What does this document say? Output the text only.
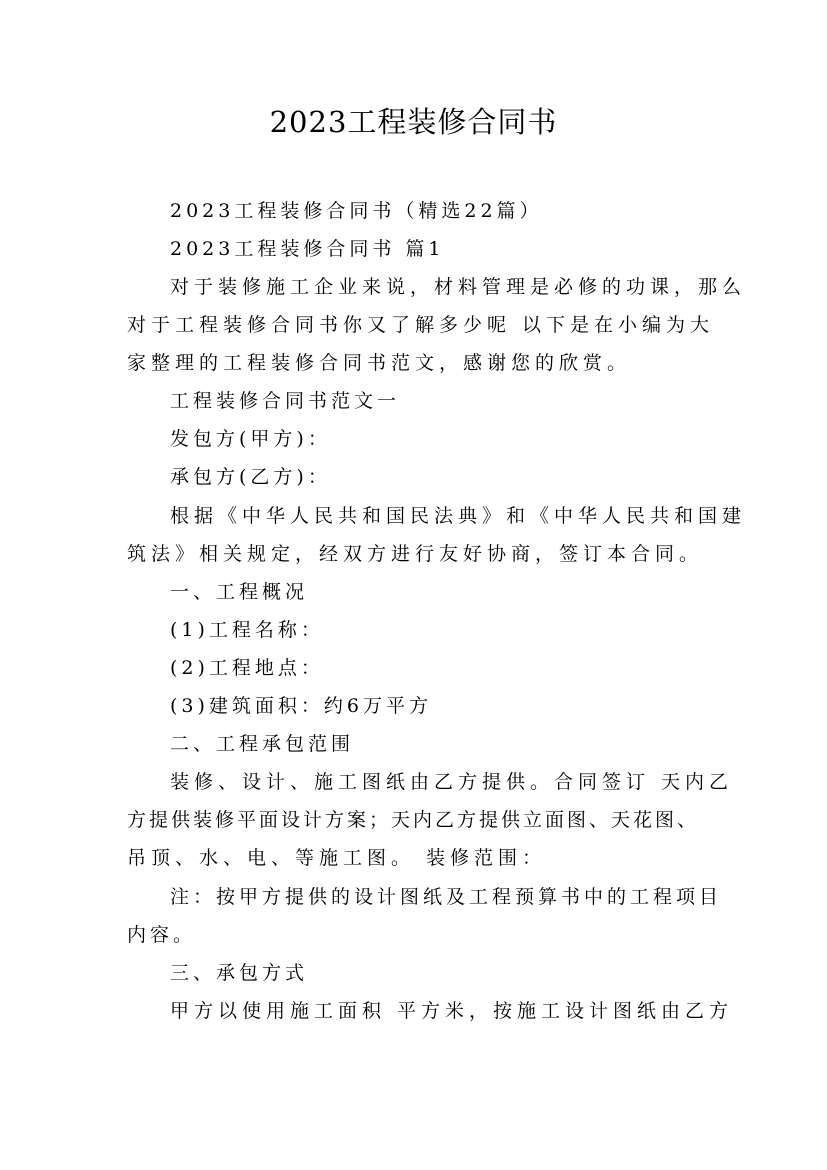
2023工程装修合同书

2023工程装修合同书（精选22篇）

2023工程装修合同书 篇1

对于装修施工企业来说，材料管理是必修的功课，那么

对于工程装修合同书你又了解多少呢 以下是在小编为大

家整理的工程装修合同书范文，感谢您的欣赏。

工程装修合同书范文一

发包方(甲方)：

承包方(乙方)：

根据《中华人民共和国民法典》和《中华人民共和国建

筑法》相关规定，经双方进行友好协商，签订本合同。

一、工程概况

(1)工程名称：

(2)工程地点：

(3)建筑面积：约6万平方

二、工程承包范围

装修、设计、施工图纸由乙方提供。合同签订 天内乙

方提供装修平面设计方案；天内乙方提供立面图、天花图、

吊顶、水、电、等施工图。 装修范围：

注：按甲方提供的设计图纸及工程预算书中的工程项目

内容。

三、承包方式

甲方以使用施工面积 平方米，按施工设计图纸由乙方
